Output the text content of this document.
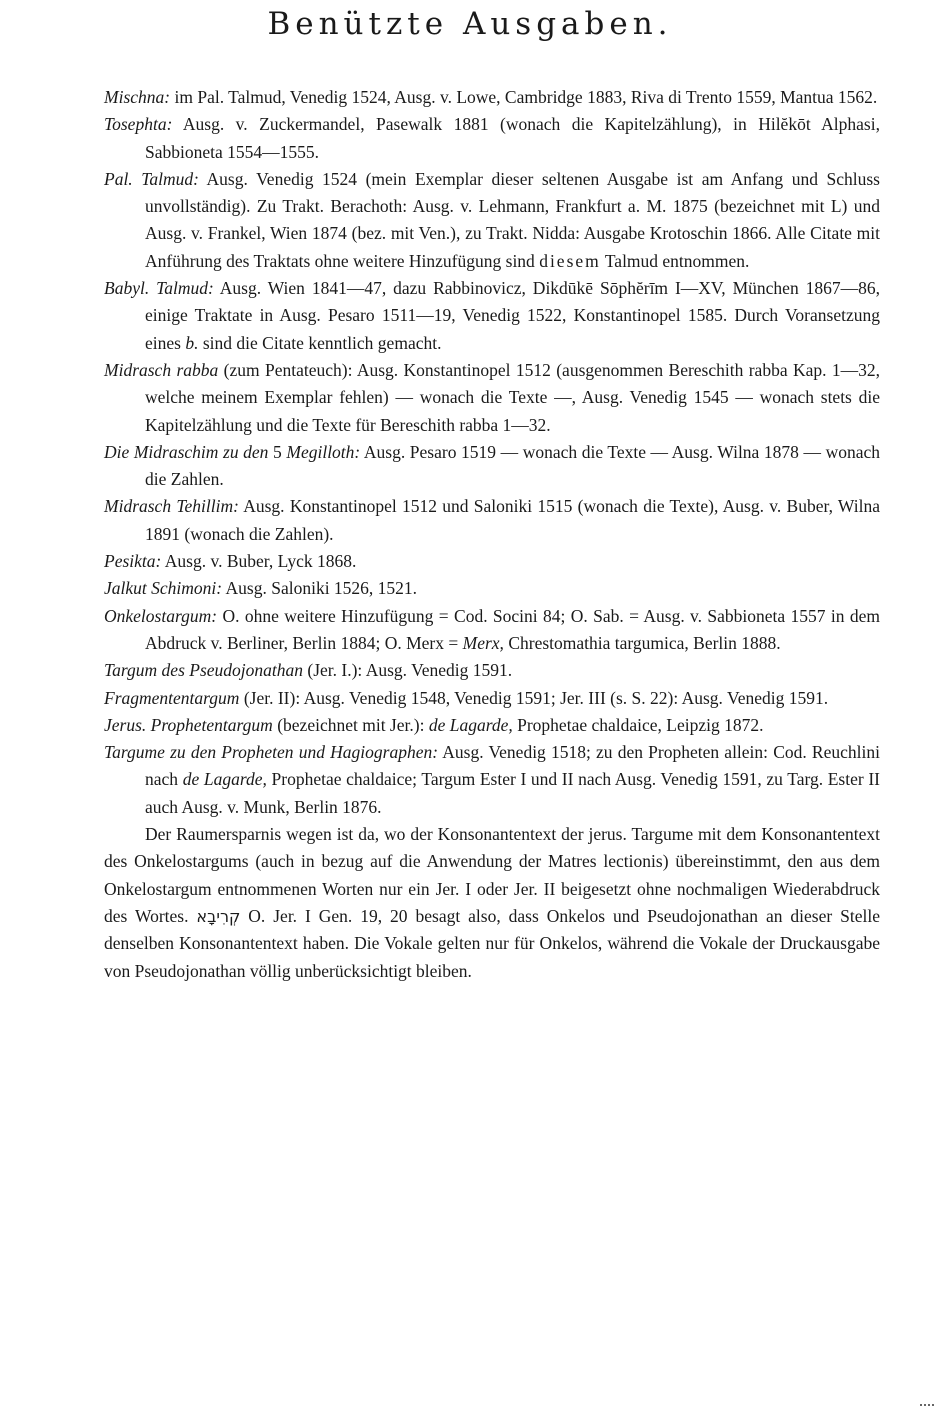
Benützte Ausgaben.

Mischna: im Pal. Talmud, Venedig 1524, Ausg. v. Lowe, Cambridge 1883, Riva di Trento 1559, Mantua 1562.

Tosephta: Ausg. v. Zuckermandel, Pasewalk 1881 (wonach die Kapitelzählung), in Hilĕkōt Alphasi, Sabbioneta 1554—1555.

Pal. Talmud: Ausg. Venedig 1524 (mein Exemplar dieser seltenen Ausgabe ist am Anfang und Schluss unvollständig). Zu Trakt. Berachoth: Ausg. v. Lehmann, Frankfurt a. M. 1875 (bezeichnet mit L) und Ausg. v. Frankel, Wien 1874 (bez. mit Ven.), zu Trakt. Nidda: Ausgabe Krotoschin 1866. Alle Citate mit Anführung des Traktats ohne weitere Hinzufügung sind diesem Talmud entnommen.

Babyl. Talmud: Ausg. Wien 1841—47, dazu Rabbinovicz, Dikdūkē Sōphĕrīm I—XV, München 1867—86, einige Traktate in Ausg. Pesaro 1511—19, Venedig 1522, Konstantinopel 1585. Durch Voransetzung eines b. sind die Citate kenntlich gemacht.

Midrasch rabba (zum Pentateuch): Ausg. Konstantinopel 1512 (ausgenommen Bereschith rabba Kap. 1—32, welche meinem Exemplar fehlen) — wonach die Texte —, Ausg. Venedig 1545 — wonach stets die Kapitelzählung und die Texte für Bereschith rabba 1—32.

Die Midraschim zu den 5 Megilloth: Ausg. Pesaro 1519 — wonach die Texte — Ausg. Wilna 1878 — wonach die Zahlen.

Midrasch Tehillim: Ausg. Konstantinopel 1512 und Saloniki 1515 (wonach die Texte), Ausg. v. Buber, Wilna 1891 (wonach die Zahlen).

Pesikta: Ausg. v. Buber, Lyck 1868.

Jalkut Schimoni: Ausg. Saloniki 1526, 1521.

Onkelostargum: O. ohne weitere Hinzufügung = Cod. Socini 84; O. Sab. = Ausg. v. Sabbioneta 1557 in dem Abdruck v. Berliner, Berlin 1884; O. Merx = Merx, Chrestomathia targumica, Berlin 1888.

Targum des Pseudojonathan (Jer. I.): Ausg. Venedig 1591.

Fragmententargum (Jer. II): Ausg. Venedig 1548, Venedig 1591; Jer. III (s. S. 22): Ausg. Venedig 1591.

Jerus. Prophetentargum (bezeichnet mit Jer.): de Lagarde, Prophetae chaldaice, Leipzig 1872.

Targume zu den Propheten und Hagiographen: Ausg. Venedig 1518; zu den Propheten allein: Cod. Reuchlini nach de Lagarde, Prophetae chaldaice; Targum Ester I und II nach Ausg. Venedig 1591, zu Targ. Ester II auch Ausg. v. Munk, Berlin 1876.

Der Raumersparnis wegen ist da, wo der Konsonantentext der jerus. Targume mit dem Konsonantentext des Onkelostargums (auch in bezug auf die Anwendung der Matres lectionis) übereinstimmt, den aus dem Onkelostargum entnommenen Worten nur ein Jer. I oder Jer. II beigesetzt ohne nochmaligen Wiederabdruck des Wortes. קְרִיבָא O. Jer. I Gen. 19, 20 besagt also, dass Onkelos und Pseudojonathan an dieser Stelle denselben Konsonantentext haben. Die Vokale gelten nur für Onkelos, während die Vokale der Druckausgabe von Pseudojonathan völlig unberücksichtigt bleiben.
